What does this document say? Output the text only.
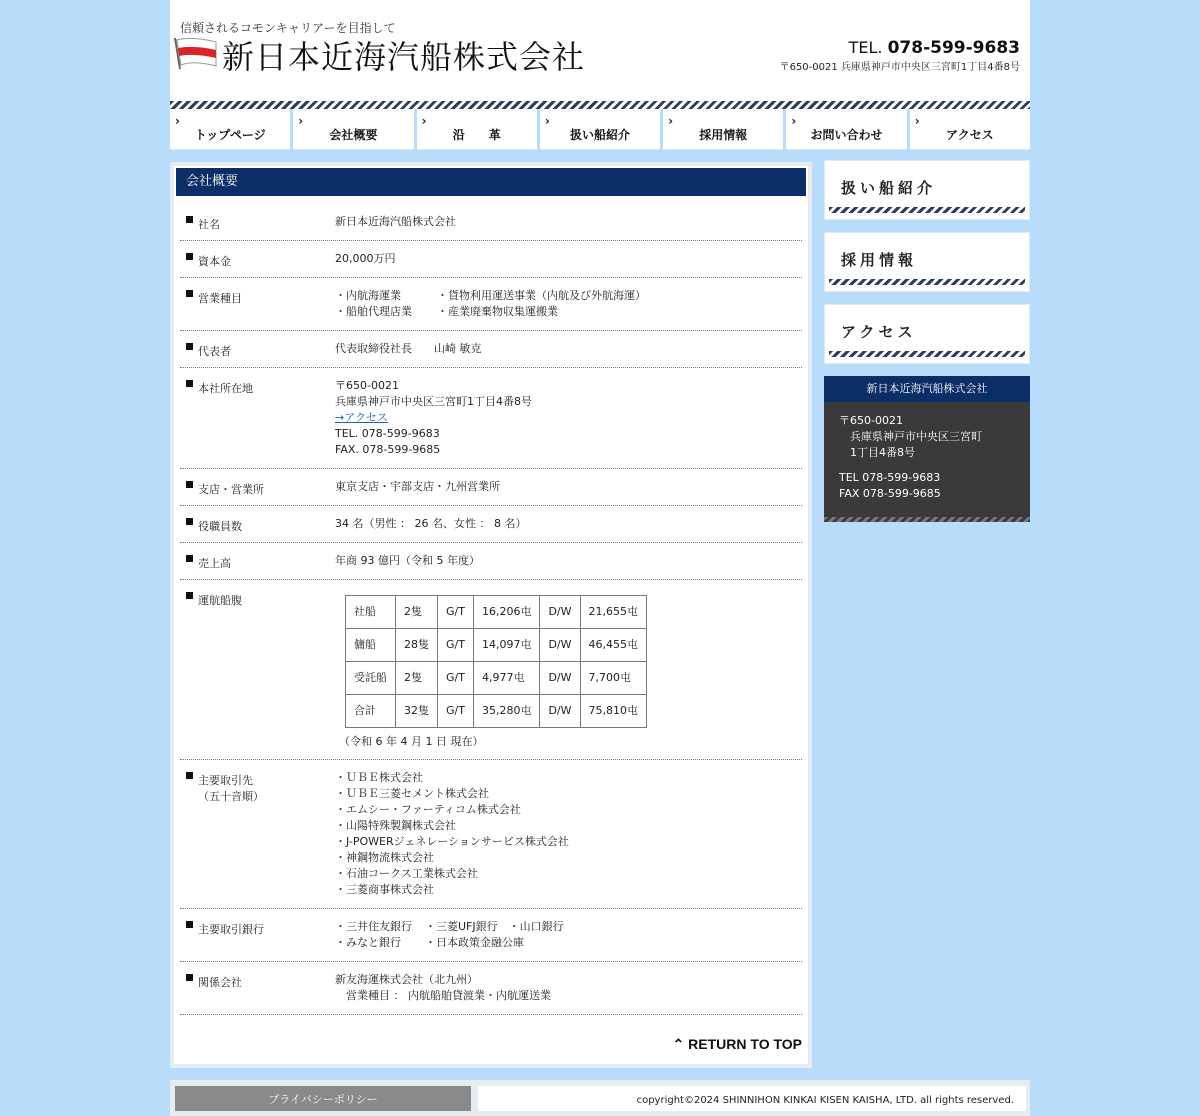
信頼されるコモンキャリアーを目指して
新日本近海汽船株式会社	TEL. 078-599-9683
〒650-0021 兵庫県神戸市中央区三宮町1丁目4番8号
›
トップページ
›
会社概要
›
沿　　革
›
扱い船紹介
›
採用情報
›
お問い合わせ
›
アクセス
会社概要
社名	新日本近海汽船株式会社
資本金	20,000万円
営業種目	・内航海運業	・貨物利用運送事業（内航及び外航海運）
・船舶代理店業 ・産業廃棄物収集運搬業
代表者	代表取締役社長　　山崎 敏克
本社所在地	〒650-0021
兵庫県神戸市中央区三宮町1丁目4番8号
→アクセス
TEL. 078-599-9683
FAX. 078-599-9685
支店・営業所	東京支店・宇部支店・九州営業所
役職員数	34 名（男性 ： 26 名、女性 ： 8 名）
売上高	年商 93 億円（令和 5 年度）
運航船腹
社船	2隻	G/T	16,206屯	D/W	21,655屯
傭船	28隻	G/T	14,097屯	D/W	46,455屯
受託船	2隻	G/T	4,977屯	D/W	7,700屯
合計	32隻	G/T	35,280屯	D/W	75,810屯
（令和 6 年 4 月 1 日 現在）
主要取引先
（五十音順）
・ＵＢＥ株式会社
・ＵＢＥ三菱セメント株式会社
・エムシー・ファーティコム株式会社
・山陽特殊製鋼株式会社
・J-POWERジェネレーションサービス株式会社
・神鋼物流株式会社
・石油コークス工業株式会社
・三菱商事株式会社
主要取引銀行	・三井住友銀行 ・三菱UFJ銀行　・山口銀行
・みなと銀行 ・日本政策金融公庫
関係会社	新友海運株式会社（北九州）
　営業種目 ： 内航船舶貸渡業・内航運送業
⌃ RETURN TO TOP
扱い船紹介
採用情報
アクセス
新日本近海汽船株式会社
〒650-0021
兵庫県神戸市中央区三宮町
1丁目4番8号
TEL 078-599-9683
FAX 078-599-9685
プライバシーポリシー	copyright©2024 SHINNIHON KINKAI KISEN KAISHA, LTD. all rights reserved.
